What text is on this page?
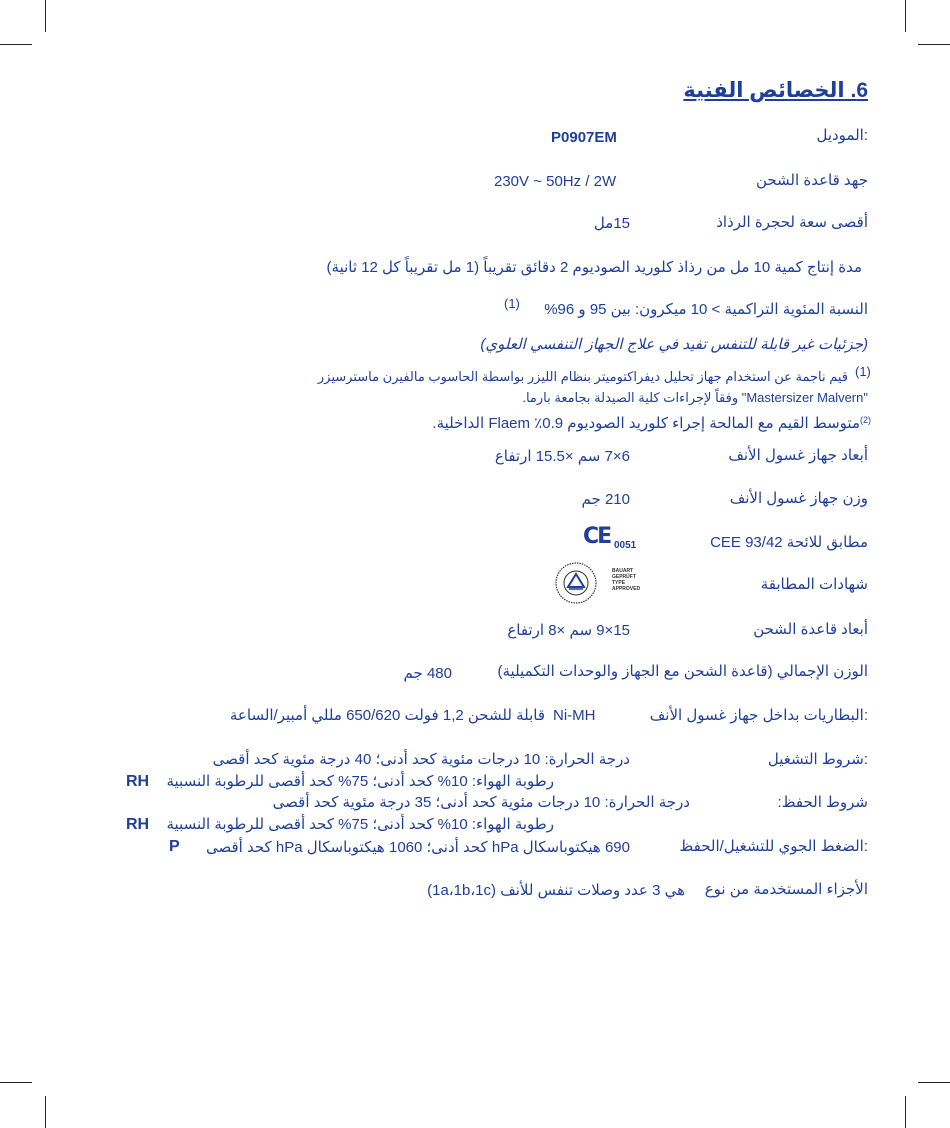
6. الخصائص الفنية
:الموديل
P0907EM
جهد قاعدة الشحن
230V ~ 50Hz / 2W
أقصى سعة لحجرة الرذاذ
15مل
مدة إنتاج كمية 10 مل من رذاذ كلوريد الصوديوم 2 دقائق تقريباً (1 مل تقريباً كل 12 ثانية)
النسبة المئوية التراكمية > 10 ميكرون: بين 95 و 96%
(1)
(جزئيات غير قابلة للتنفس تفيد في علاج الجهاز التنفسي العلوي)
(1)
قيم ناجمة عن استخدام جهاز تحليل ديفراكتوميتر بنظام الليزر بواسطة الحاسوب مالفيرن ماسترسيزر
"Mastersizer Malvern" وفقاً لإجراءات كلية الصيدلة بجامعة بارما.
متوسط القيم مع المالحة إجراء كلوريد الصوديوم 0.9٪ Flaem الداخلية. (2)
أبعاد جهاز غسول الأنف
6×7 سم ×15.5 ارتفاع
وزن جهاز غسول الأنف
210 جم
مطابق للائحة 93/42 CEE
CE 0051
شهادات المطابقة
BAUART
GEPRÜFT
TYPE
APPROVED
أبعاد قاعدة الشحن
15×9 سم ×8 ارتفاع
الوزن الإجمالي (قاعدة الشحن مع الجهاز والوحدات التكميلية)
480 جم
:البطاريات بداخل جهاز غسول الأنف
Ni-MH
قابلة للشحن 1,2 فولت 650/620 مللي أمبير/الساعة
:شروط التشغيل
درجة الحرارة: 10 درجات مئوية كحد أدنى؛ 40 درجة مئوية كحد أقصى
رطوبة الهواء: 10% كحد أدنى؛ 75% كحد أقصى للرطوبة النسبية
RH
شروط الحفظ:
درجة الحرارة: 10 درجات مئوية كحد أدنى؛ 35 درجة مئوية كحد أقصى
رطوبة الهواء: 10% كحد أدنى؛ 75% كحد أقصى للرطوبة النسبية
RH
:الضغط الجوي للتشغيل/الحفظ
690 هيكتوباسكال hPa كحد أدنى؛ 1060 هيكتوباسكال hPa كحد أقصى
P
الأجزاء المستخدمة من نوع
هي 3 عدد وصلات تنفس للأنف (1a،1b،1c)
